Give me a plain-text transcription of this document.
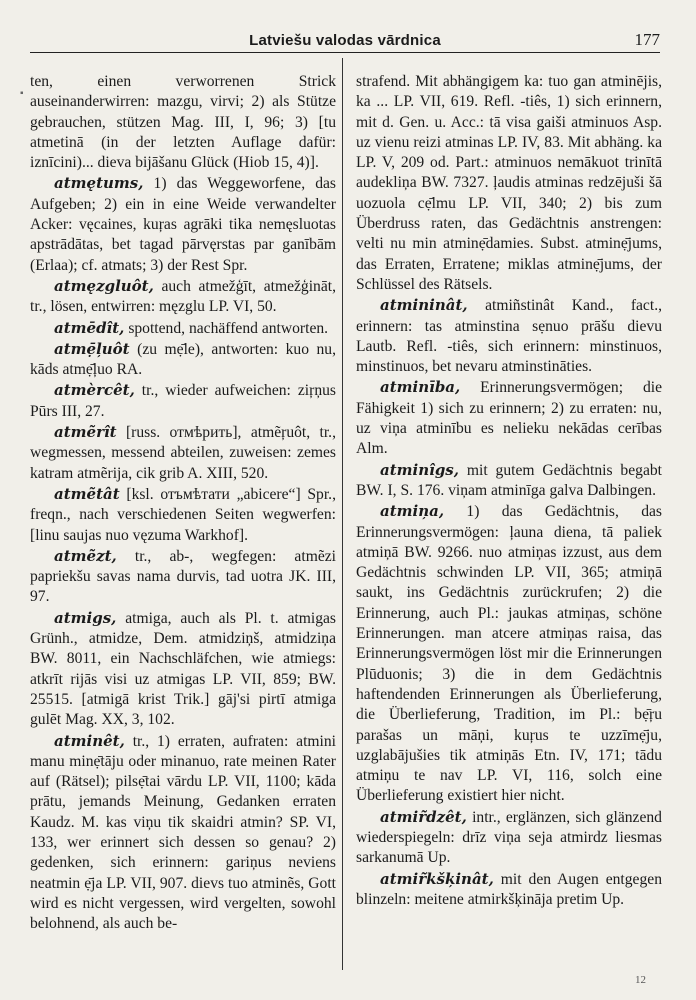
Latviešu valodas vārdnica	177
▪

ten, einen verworrenen Strick auseinanderwirren: mazgu, virvi; 2) als Stütze gebrauchen, stützen Mag. III, I, 96; 3) [tu atmetinā (in der letzten Auflage dafür: iznīcini)... dieva bijāšanu Glück (Hiob 15, 4)].

atmętums, 1) das Weggeworfene, das Aufgeben; 2) ein in eine Weide verwandelter Acker: vęcaines, kuŗas agrāki tika nemęsluotas apstrādātas, bet tagad pārvęrstas par ganībām (Erlaa); cf. atmats; 3) der Rest Spr.

atmęzgluôt, auch atmežģīt, atmežģināt, tr., lösen, entwirren: męzglu LP. VI, 50.

atmēdît, spottend, nachäffend antworten.

atmẹ̄ļuôt (zu mẹ̄le), antworten: kuo nu, kāds atmẹ̄ļuo RA.

atmèrcêt, tr., wieder aufweichen: ziŗņus Pūrs III, 27.

atmẽrît [russ. отмѣрить], atmẽŗuôt, tr., wegmessen, messend abteilen, zuweisen: zemes katram atmẽrija, cik grib A. XIII, 520.

atmẽtât [ksl. отъмѣтати „abicere“] Spr., freqn., nach verschiedenen Seiten wegwerfen: [linu saujas nuo vęzuma Warkhof].

atmẽzt, tr., ab-, wegfegen: atmẽzi papriekšu savas nama durvis, tad uotra JK. III, 97.

atmigs, atmiga, auch als Pl. t. atmigas Grünh., atmidze, Dem. atmidziņš, atmidziņa BW. 8011, ein Nachschläfchen, wie atmiegs: atkrīt rijās visi uz atmigas LP. VII, 859; BW. 25515. [atmigā krist Trik.] gāj'si pirtī atmiga gulēt Mag. XX, 3, 102.

atminêt, tr., 1) erraten, aufraten: atmini manu minẹ̄tāju oder minanuo, rate meinen Rater auf (Rätsel); pilsẹ̄tai vārdu LP. VII, 1100; kāda prātu, jemands Meinung, Gedanken erraten Kaudz. M. kas viņu tik skaidri atmin? SP. VI, 133, wer erinnert sich dessen so genau? 2) gedenken, sich erinnern: gariņus neviens neatmin ẹ̄ja LP. VII, 907. dievs tuo atminẽs, Gott wird es nicht vergessen, wird vergelten, sowohl belohnend, als auch be-

strafend. Mit abhängigem ka: tuo gan atminējis, ka ... LP. VII, 619. Refl. -tiês, 1) sich erinnern, mit d. Gen. u. Acc.: tā visa gaiši atminuos Asp. uz vienu reizi atminas LP. IV, 83. Mit abhäng. ka LP. V, 209 od. Part.: atminuos nemākuot trinītā audekliņa BW. 7327. ļaudis atminas redzējuši šā uozuola cẹ̄lmu LP. VII, 340; 2) bis zum Überdruss raten, das Gedächtnis anstrengen: velti nu min atminẹ̄damies. Subst. atminẹ̄jums, das Erraten, Erratene; miklas atminẹ̄jums, der Schlüssel des Rätsels.

atmininât, atmiñstinât Kand., fact., erinnern: tas atminstina sẹnuo prāšu dievu Lautb. Refl. -tiês, sich erinnern: minstinuos, minstinuos, bet nevaru atminstināties.

atminība, Erinnerungsvermögen; die Fähigkeit 1) sich zu erinnern; 2) zu erraten: nu, uz viņa atminību es nelieku nekādas cerības Alm.

atminîgs, mit gutem Gedächtnis begabt BW. I, S. 176. viņam atminīga galva Dalbingen.

atmiņa, 1) das Gedächtnis, das Erinnerungsvermögen: ļauna diena, tā paliek atmiņā BW. 9266. nuo atmiņas izzust, aus dem Gedächtnis schwinden LP. VII, 365; atmiņā saukt, ins Gedächtnis zurückrufen; 2) die Erinnerung, auch Pl.: jaukas atmiņas, schöne Erinnerungen. man atcere atmiņas raisa, das Erinnerungsvermögen löst mir die Erinnerungen Plūduonis; 3) die in dem Gedächtnis haftendenden Erinnerungen als Überlieferung, die Überlieferung, Tradition, im Pl.: bẹ̄ŗu parašas un māņi, kuŗus te uzzīmẹ̄ju, uzglabājušies tik atmiņās Etn. IV, 171; tādu atmiņu te nav LP. VI, 116, solch eine Überlieferung existiert hier nicht.

atmir̃dzêt, intr., erglänzen, sich glänzend wiederspiegeln: drīz viņa seja atmirdz liesmas sarkanumā Up.

atmir̃kšķinât, mit den Augen entgegen blinzeln: meitene atmirkšķināja pretim Up.

12
